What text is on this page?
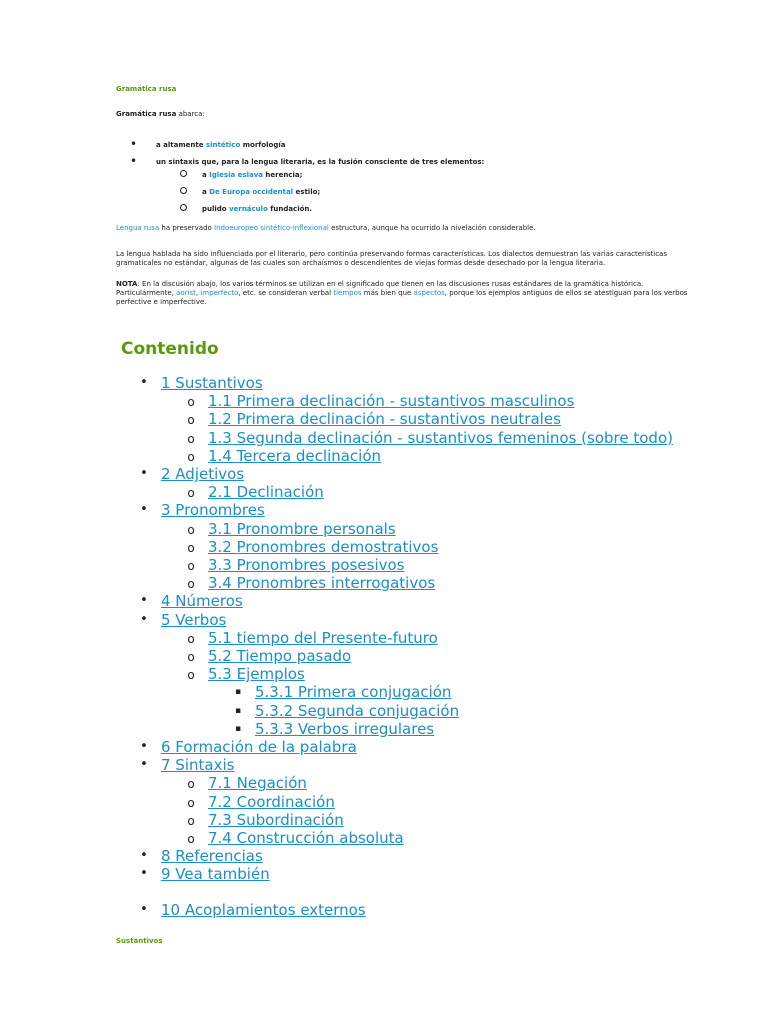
Gramática rusa
Gramática rusa abarca:
•	a altamente sintético morfología
•	un sintaxis que, para la lengua literaria, es la fusión consciente de tres elementos:
a Iglesia eslava herencia;
a De Europa occidental estilo;
pulido vernáculo fundación.
Lengua rusa ha preservado Indoeuropeo sintético-inflexional estructura, aunque ha ocurrido la nivelación considerable.
La lengua hablada ha sido influenciada por el literario, pero continúa preservando formas características. Los dialectos demuestran las varias características gramaticales no estándar, algunas de las cuales son archaísmos o descendientes de viejas formas desde desechado por la lengua literaria.
NOTA: En la discusión abajo, los varios términos se utilizan en el significado que tienen en las discusiones rusas estándares de la gramática histórica.
Particularmente, aorist, imperfecto, etc. se consideran verbal tiempos más bien que aspectos, porque los ejemplos antiguos de ellos se atestiguan para los verbos perfective e imperfective.
Contenido
• 1 Sustantivos
o 1.1 Primera declinación - sustantivos masculinos
o 1.2 Primera declinación - sustantivos neutrales
o 1.3 Segunda declinación - sustantivos femeninos (sobre todo)
o 1.4 Tercera declinación
• 2 Adjetivos
o 2.1 Declinación
• 3 Pronombres
o 3.1 Pronombre personals
o 3.2 Pronombres demostrativos
o 3.3 Pronombres posesivos
o 3.4 Pronombres interrogativos
• 4 Números
• 5 Verbos
o 5.1 tiempo del Presente-futuro
o 5.2 Tiempo pasado
o 5.3 Ejemplos
▪ 5.3.1 Primera conjugación
▪ 5.3.2 Segunda conjugación
▪ 5.3.3 Verbos irregulares
• 6 Formación de la palabra
• 7 Sintaxis
o 7.1 Negación
o 7.2 Coordinación
o 7.3 Subordinación
o 7.4 Construcción absoluta
• 8 Referencias
• 9 Vea también
• 10 Acoplamientos externos
Sustantivos
